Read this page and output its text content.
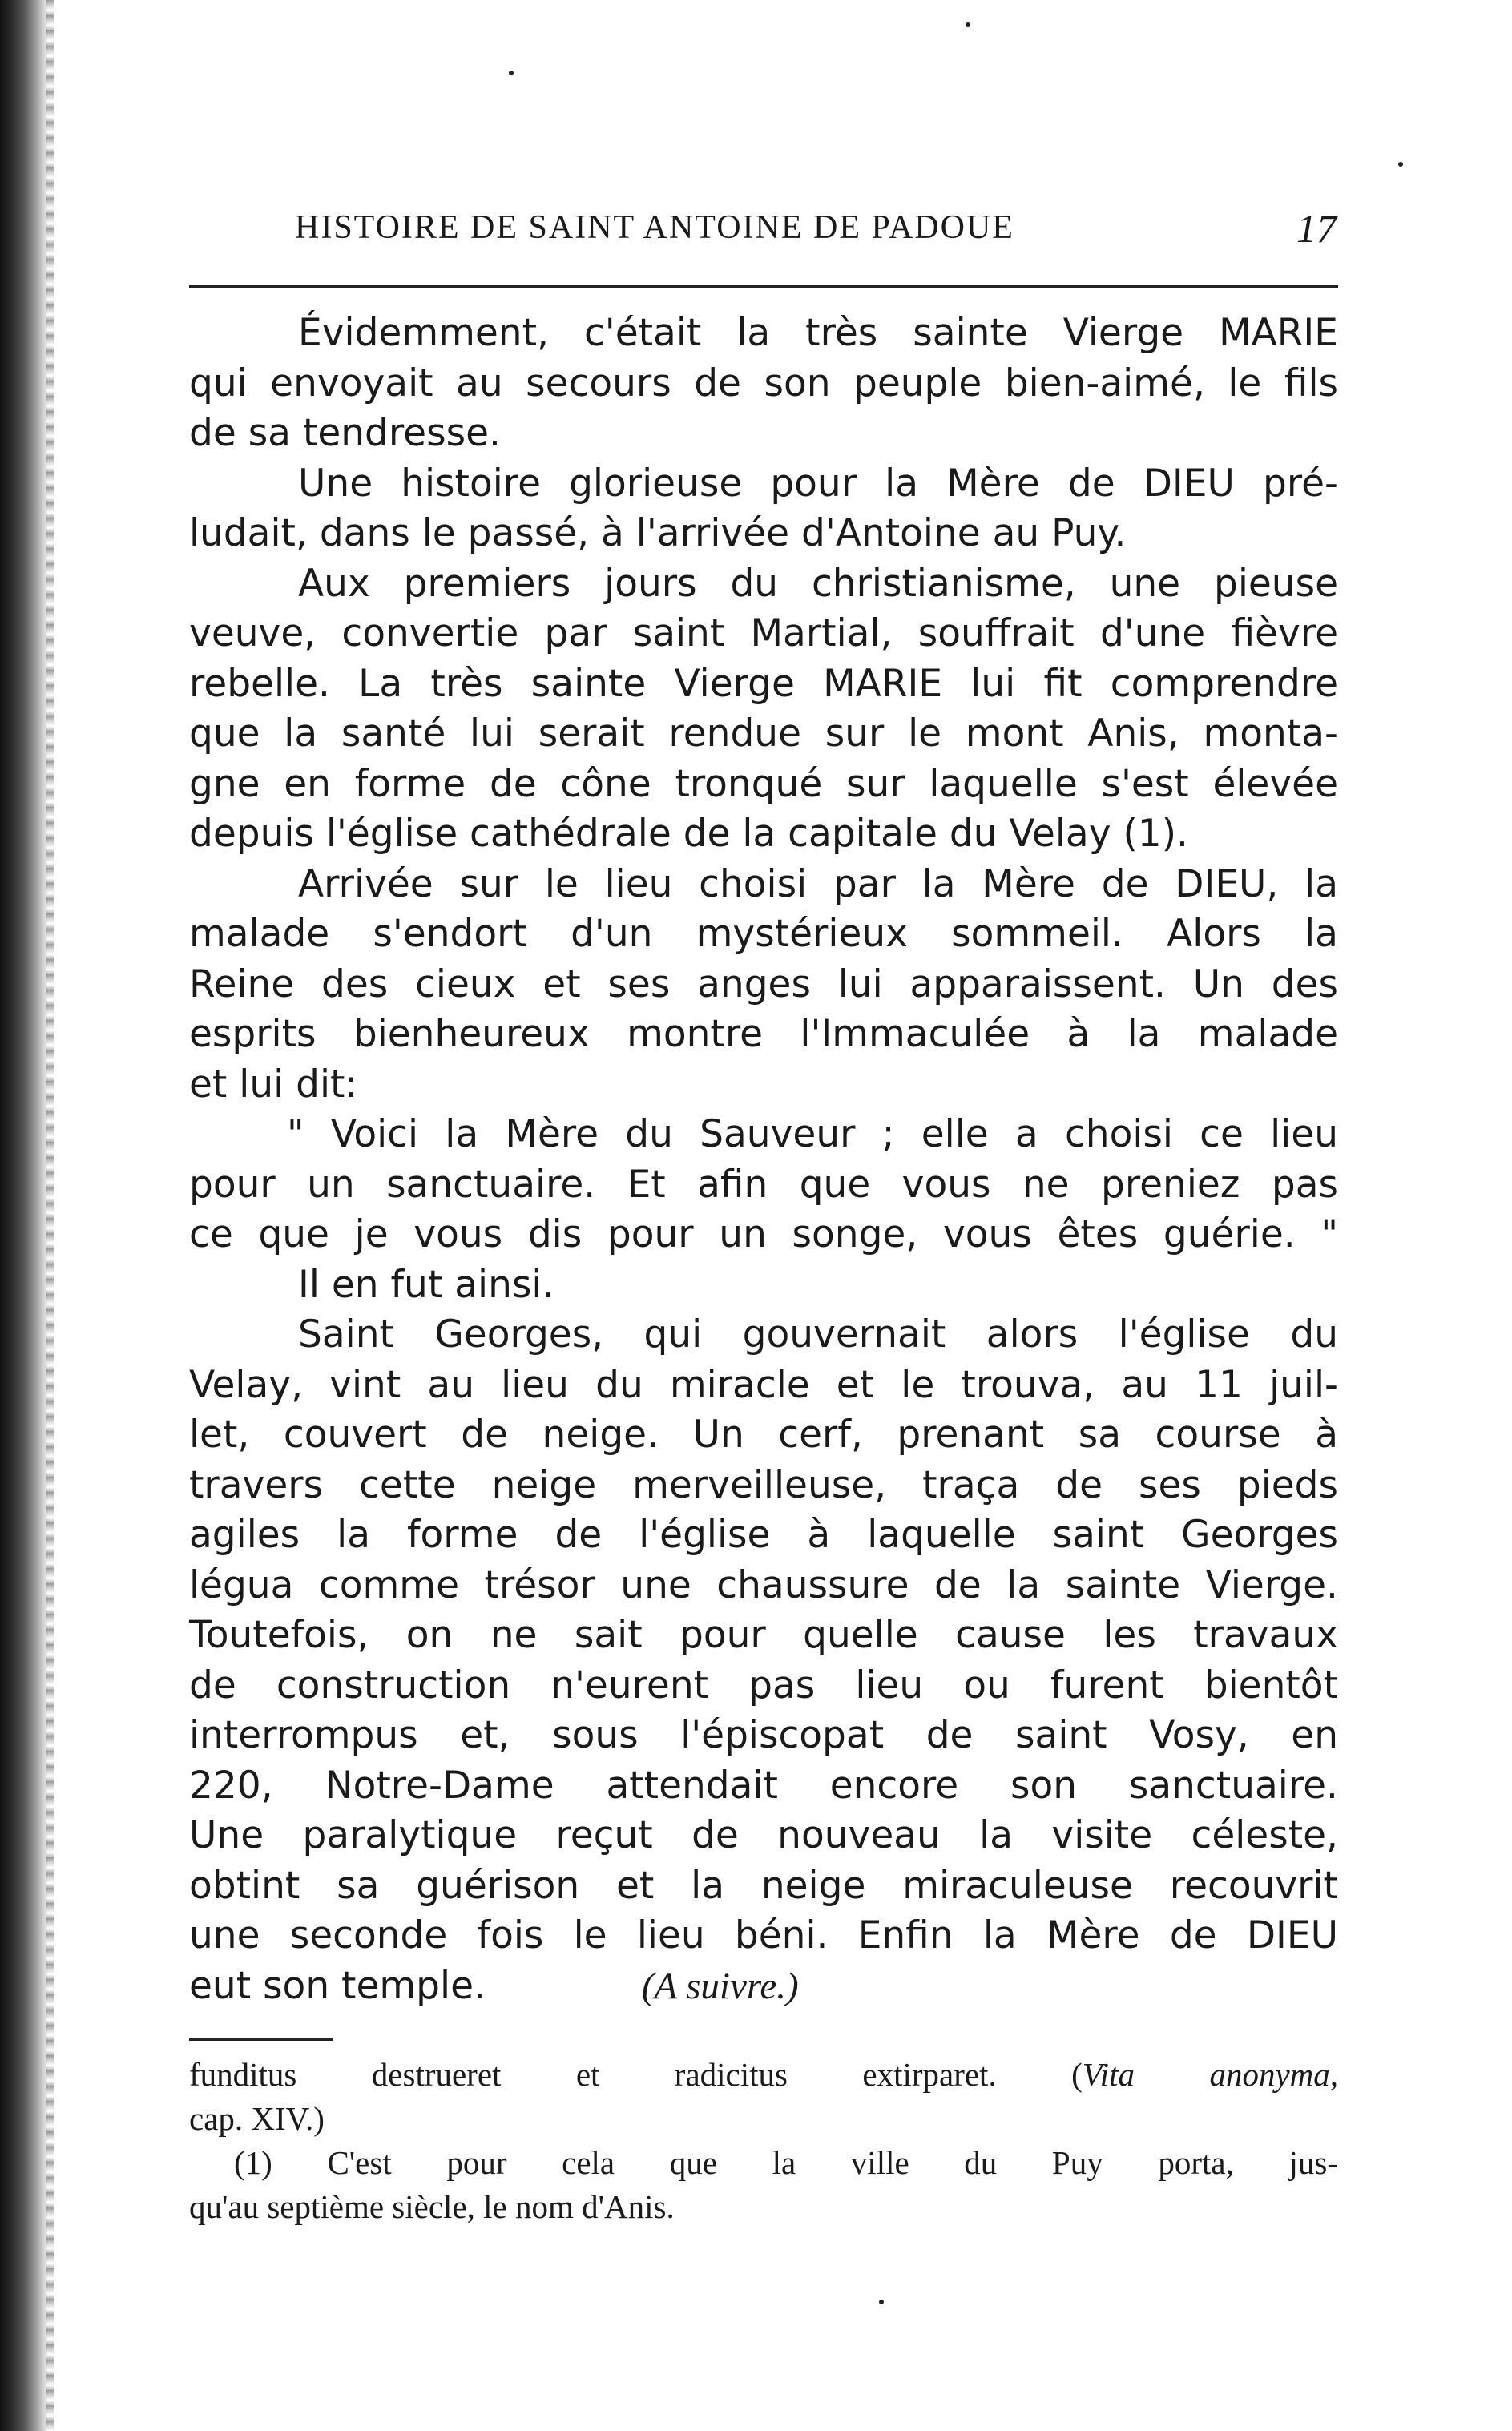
HISTOIRE DE SAINT ANTOINE DE PADOUE	17
Évidemment, c'était la très sainte Vierge MARIE
qui envoyait au secours de son peuple bien-aimé, le fils
de sa tendresse.
Une histoire glorieuse pour la Mère de DIEU pré-
ludait, dans le passé, à l'arrivée d'Antoine au Puy.
Aux premiers jours du christianisme, une pieuse
veuve, convertie par saint Martial, souffrait d'une fièvre
rebelle. La très sainte Vierge MARIE lui fit comprendre
que la santé lui serait rendue sur le mont Anis, monta-
gne en forme de cône tronqué sur laquelle s'est élevée
depuis l'église cathédrale de la capitale du Velay (1).
Arrivée sur le lieu choisi par la Mère de DIEU, la
malade s'endort d'un mystérieux sommeil. Alors la
Reine des cieux et ses anges lui apparaissent. Un des
esprits bienheureux montre l'Immaculée à la malade
et lui dit:
" Voici la Mère du Sauveur ; elle a choisi ce lieu
pour un sanctuaire. Et afin que vous ne preniez pas
ce que je vous dis pour un songe, vous êtes guérie. "
Il en fut ainsi.
Saint Georges, qui gouvernait alors l'église du
Velay, vint au lieu du miracle et le trouva, au 11 juil-
let, couvert de neige. Un cerf, prenant sa course à
travers cette neige merveilleuse, traça de ses pieds
agiles la forme de l'église à laquelle saint Georges
légua comme trésor une chaussure de la sainte Vierge.
Toutefois, on ne sait pour quelle cause les travaux
de construction n'eurent pas lieu ou furent bientôt
interrompus et, sous l'épiscopat de saint Vosy, en
220, Notre-Dame attendait encore son sanctuaire.
Une paralytique reçut de nouveau la visite céleste,
obtint sa guérison et la neige miraculeuse recouvrit
une seconde fois le lieu béni. Enfin la Mère de DIEU
eut son temple.	(A suivre.)
funditus destrueret et radicitus extirparet. (Vita anonyma,
cap. XIV.)
(1) C'est pour cela que la ville du Puy porta, jus-
qu'au septième siècle, le nom d'Anis.
